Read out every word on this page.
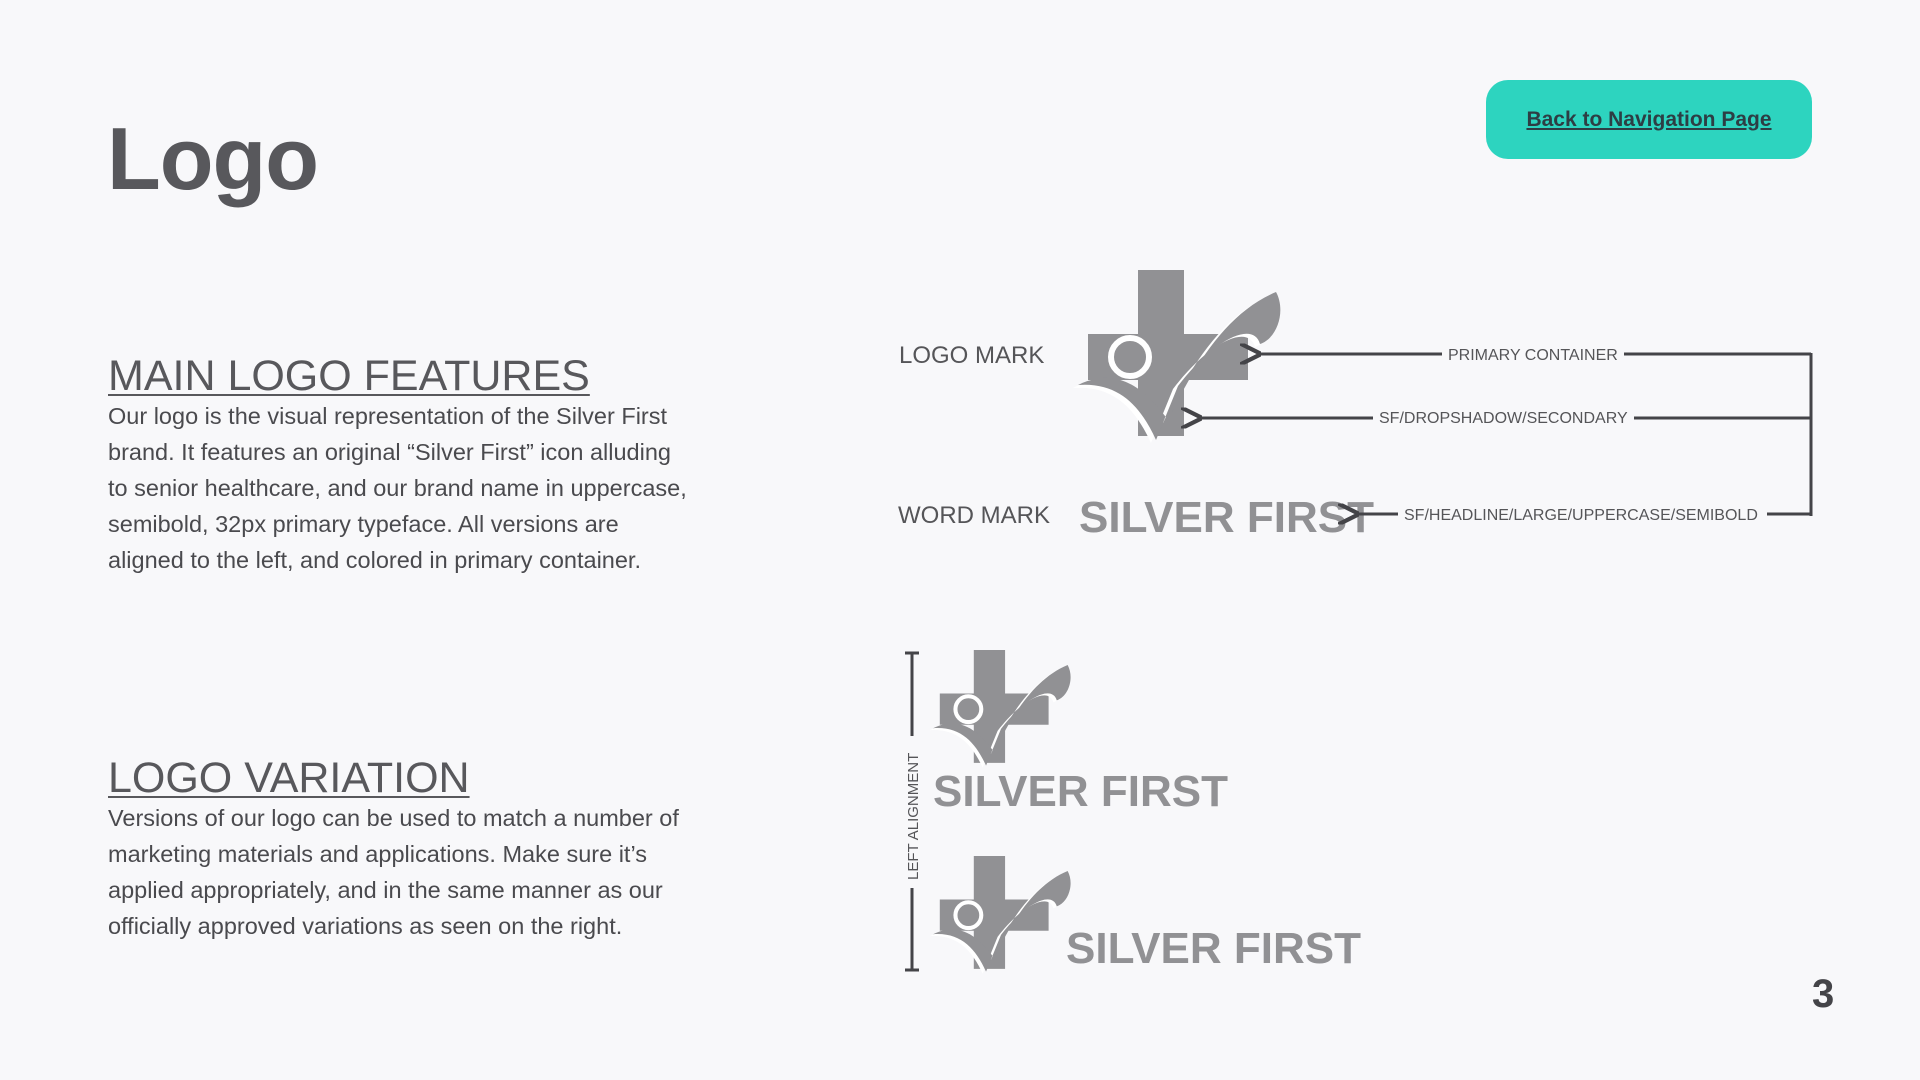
Logo	Back to Navigation Page
MAIN LOGO FEATURES

Our logo is the visual representation of the Silver First brand. It features an original “Silver First” icon alluding to senior healthcare, and our brand name in uppercase, semibold, 32px primary typeface. All versions are aligned to the left, and colored in primary container.

LOGO VARIATION

Versions of our logo can be used to match a number of marketing materials and applications. Make sure it’s applied appropriately, and in the same manner as our officially approved variations as seen on the right.

LOGO MARK
WORD MARK SILVER FIRST
PRIMARY CONTAINER
SF/DROPSHADOW/SECONDARY
SF/HEADLINE/LARGE/UPPERCASE/SEMIBOLD
LEFT ALIGNMENT SILVER FIRST
SILVER FIRST
3
